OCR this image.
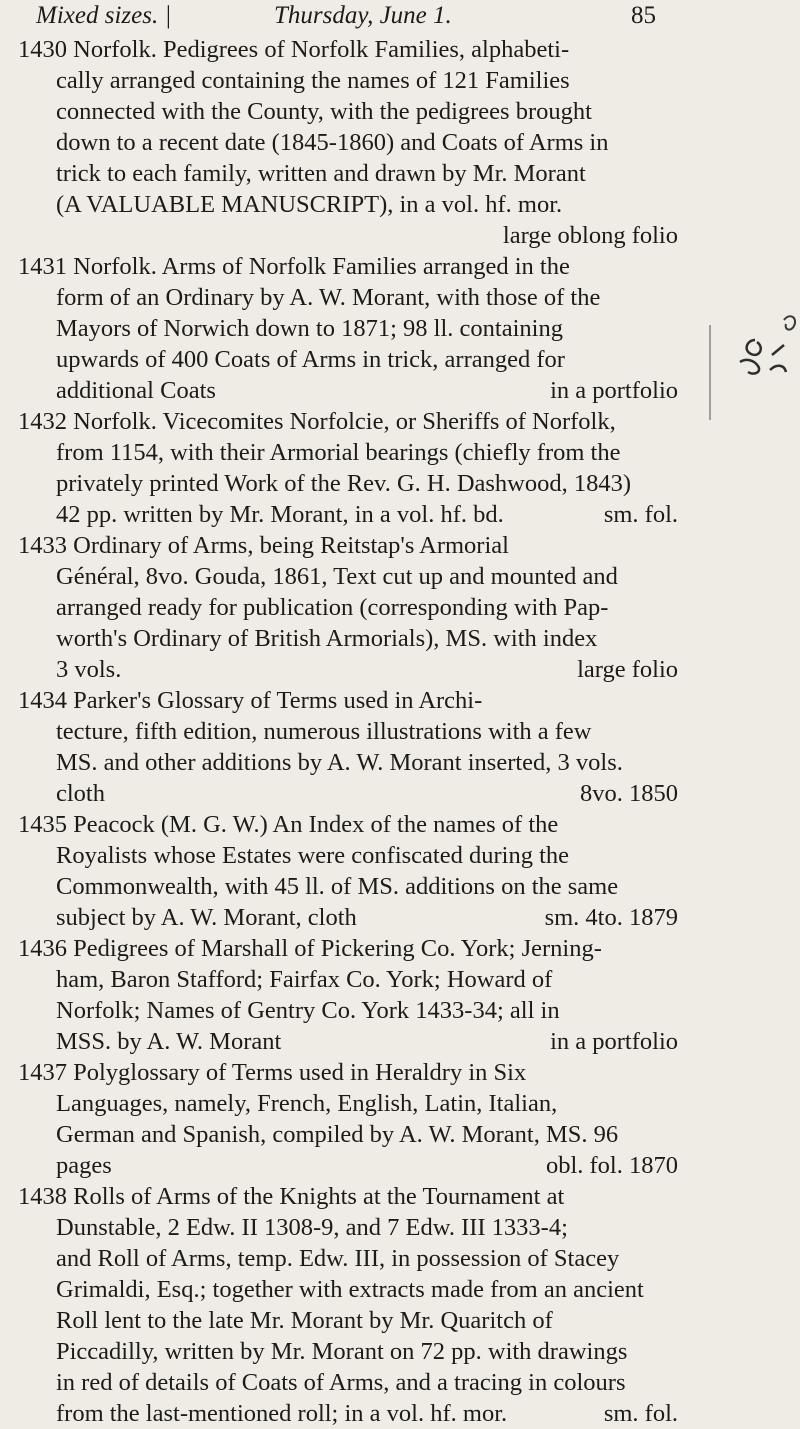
Mixed sizes. |	Thursday, June 1.	85

1430 Norfolk. Pedigrees of Norfolk Families, alphabeti-
cally arranged containing the names of 121 Families
connected with the County, with the pedigrees brought
down to a recent date (1845-1860) and Coats of Arms in
trick to each family, written and drawn by Mr. Morant
(A VALUABLE MANUSCRIPT), in a vol. hf. mor.
large oblong folio

1431 Norfolk. Arms of Norfolk Families arranged in the
form of an Ordinary by A. W. Morant, with those of the
Mayors of Norwich down to 1871; 98 ll. containing
upwards of 400 Coats of Arms in trick, arranged for
additional Coats	in a portfolio

1432 Norfolk. Vicecomites Norfolcie, or Sheriffs of Norfolk,
from 1154, with their Armorial bearings (chiefly from the
privately printed Work of the Rev. G. H. Dashwood, 1843)
42 pp. written by Mr. Morant, in a vol. hf. bd.	sm. fol.

1433 Ordinary of Arms, being Reitstap's Armorial
Général, 8vo. Gouda, 1861, Text cut up and mounted and
arranged ready for publication (corresponding with Pap-
worth's Ordinary of British Armorials), MS. with index
3 vols.	large folio

1434 Parker's Glossary of Terms used in Archi-
tecture, fifth edition, numerous illustrations with a few
MS. and other additions by A. W. Morant inserted, 3 vols.
cloth	8vo. 1850

1435 Peacock (M. G. W.) An Index of the names of the
Royalists whose Estates were confiscated during the
Commonwealth, with 45 ll. of MS. additions on the same
subject by A. W. Morant, cloth	sm. 4to. 1879

1436 Pedigrees of Marshall of Pickering Co. York; Jerning-
ham, Baron Stafford; Fairfax Co. York; Howard of
Norfolk; Names of Gentry Co. York 1433-34; all in
MSS. by A. W. Morant	in a portfolio

1437 Polyglossary of Terms used in Heraldry in Six
Languages, namely, French, English, Latin, Italian,
German and Spanish, compiled by A. W. Morant, MS. 96
pages	obl. fol. 1870

1438 Rolls of Arms of the Knights at the Tournament at
Dunstable, 2 Edw. II 1308-9, and 7 Edw. III 1333-4;
and Roll of Arms, temp. Edw. III, in possession of Stacey
Grimaldi, Esq.; together with extracts made from an ancient
Roll lent to the late Mr. Morant by Mr. Quaritch of
Piccadilly, written by Mr. Morant on 72 pp. with drawings
in red of details of Coats of Arms, and a tracing in colours
from the last-mentioned roll; in a vol. hf. mor.	sm. fol.
